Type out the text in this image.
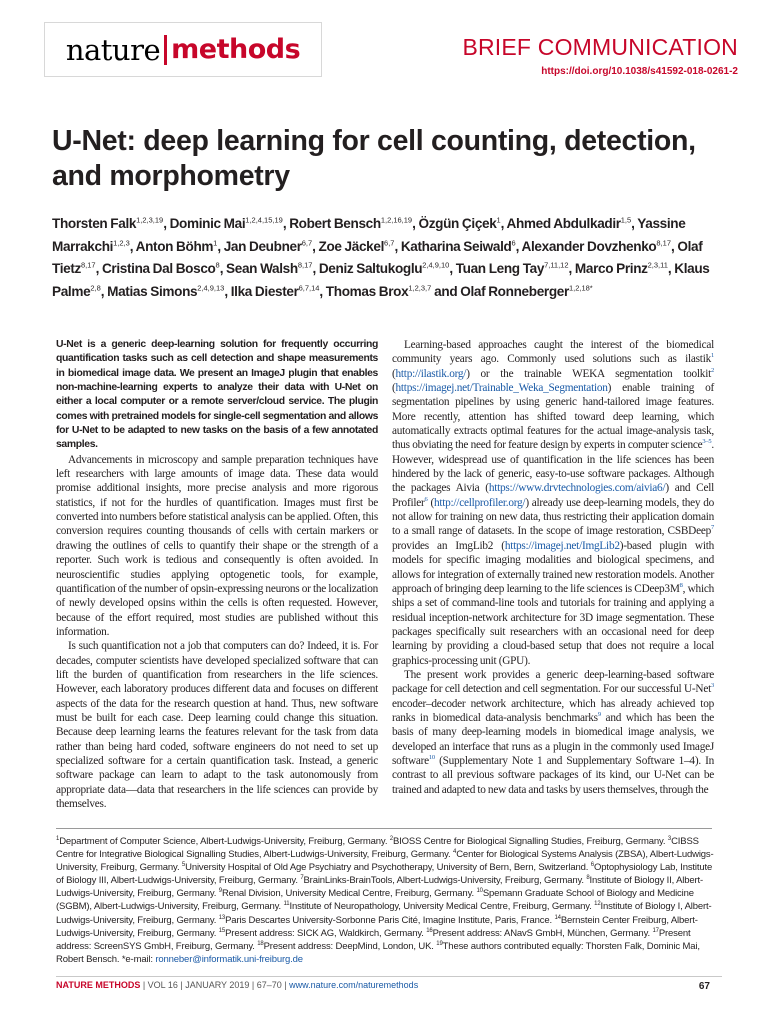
nature methods	BRIEF COMMUNICATION
https://doi.org/10.1038/s41592-018-0261-2
U-Net: deep learning for cell counting, detection, and morphometry
Thorsten Falk$^{1,2,3,19}$, Dominic Mai$^{1,2,4,15,19}$, Robert Bensch$^{1,2,16,19}$, Özgün Çiçek$^1$, Ahmed Abdulkadir$^{1,5}$, Yassine Marrakchi$^{1,2,3}$, Anton Böhm$^1$, Jan Deubner$^{6,7}$, Zoe Jäckel$^{6,7}$, Katharina Seiwald$^6$, Alexander Dovzhenko$^{8,17}$, Olaf Tietz$^{8,17}$, Cristina Dal Bosco$^8$, Sean Walsh$^{8,17}$, Deniz Saltukoglu$^{2,4,9,10}$, Tuan Leng Tay$^{7,11,12}$, Marco Prinz$^{2,3,11}$, Klaus Palme$^{2,8}$, Matias Simons$^{2,4,9,13}$, Ilka Diester$^{6,7,14}$, Thomas Brox$^{1,2,3,7}$ and Olaf Ronneberger$^{1,2,18*}$

U-Net is a generic deep-learning solution for frequently occurring quantification tasks such as cell detection and shape measurements in biomedical image data. We present an ImageJ plugin that enables non-machine-learning experts to analyze their data with U-Net on either a local computer or a remote server/cloud service. The plugin comes with pretrained models for single-cell segmentation and allows for U-Net to be adapted to new tasks on the basis of a few annotated samples.

Advancements in microscopy and sample preparation techniques have left researchers with large amounts of image data. These data would promise additional insights, more precise analysis and more rigorous statistics, if not for the hurdles of quantification. Images must first be converted into numbers before statistical analysis can be applied. Often, this conversion requires counting thousands of cells with certain markers or drawing the outlines of cells to quantify their shape or the strength of a reporter. Such work is tedious and consequently is often avoided. In neuroscientific studies applying optogenetic tools, for example, quantification of the number of opsin-expressing neurons or the localization of newly developed opsins within the cells is often requested. However, because of the effort required, most studies are published without this information.

Is such quantification not a job that computers can do? Indeed, it is. For decades, computer scientists have developed specialized software that can lift the burden of quantification from researchers in the life sciences. However, each laboratory produces different data and focuses on different aspects of the data for the research question at hand. Thus, new software must be built for each case. Deep learning could change this situation. Because deep learning learns the features relevant for the task from data rather than being hard coded, software engineers do not need to set up specialized software for a certain quantification task. Instead, a generic software package can learn to adapt to the task autonomously from appropriate data—data that researchers in the life sciences can provide by themselves.

Learning-based approaches caught the interest of the biomedical community years ago. Commonly used solutions such as ilastik$^1$ (http://ilastik.org/) or the trainable WEKA segmentation toolkit$^2$ (https://imagej.net/Trainable_Weka_Segmentation) enable training of segmentation pipelines by using generic hand-tailored image features. More recently, attention has shifted toward deep learning, which automatically extracts optimal features for the actual image-analysis task, thus obviating the need for feature design by experts in computer science$^{3-5}$. However, widespread use of quantification in the life sciences has been hindered by the lack of generic, easy-to-use software packages. Although the packages Aivia (https://www.drvtechnologies.com/aivia6/) and Cell Profiler$^6$ (http://cellprofiler.org/) already use deep-learning models, they do not allow for training on new data, thus restricting their application domain to a small range of datasets. In the scope of image restoration, CSBDeep$^7$ provides an ImgLib2 (https://imagej.net/ImgLib2)-based plugin with models for specific imaging modalities and biological specimens, and allows for integration of externally trained new restoration models. Another approach of bringing deep learning to the life sciences is $CDeep3M^8$, which ships a set of command-line tools and tutorials for training and applying a residual inception-network architecture for 3D image segmentation. These packages specifically suit researchers with an occasional need for deep learning by providing a cloud-based setup that does not require a local graphics-processing unit (GPU).

The present work provides a generic deep-learning-based software package for cell detection and cell segmentation. For our successful U-Net$^3$ encoder–decoder network architecture, which has already achieved top ranks in biomedical data-analysis benchmarks$^9$ and which has been the basis of many deep-learning models in biomedical image analysis, we developed an interface that runs as a plugin in the commonly used ImageJ software$^{10}$ (Supplementary Note 1 and Supplementary Software 1–4). In contrast to all previous software packages of its kind, our U-Net can be trained and adapted to new data and tasks by users themselves, through the

$^1$Department of Computer Science, Albert-Ludwigs-University, Freiburg, Germany. $^2$BIOSS Centre for Biological Signalling Studies, Freiburg, Germany. $^3$CIBSS Centre for Integrative Biological Signalling Studies, Albert-Ludwigs-University, Freiburg, Germany. $^4$Center for Biological Systems Analysis (ZBSA), Albert-Ludwigs-University, Freiburg, Germany. $^5$University Hospital of Old Age Psychiatry and Psychotherapy, University of Bern, Bern, Switzerland. $^6$Optophysiology Lab, Institute of Biology III, Albert-Ludwigs-University, Freiburg, Germany. $^7$BrainLinks-BrainTools, Albert-Ludwigs-University, Freiburg, Germany. $^8$Institute of Biology II, Albert-Ludwigs-University, Freiburg, Germany. $^9$Renal Division, University Medical Centre, Freiburg, Germany. $^{10}$Spemann Graduate School of Biology and Medicine (SGBM), Albert-Ludwigs-University, Freiburg, Germany. $^{11}$Institute of Neuropathology, University Medical Centre, Freiburg, Germany. $^{12}$Institute of Biology I, Albert-Ludwigs-University, Freiburg, Germany. $^{13}$Paris Descartes University-Sorbonne Paris Cité, Imagine Institute, Paris, France. $^{14}$Bernstein Center Freiburg, Albert-Ludwigs-University, Freiburg, Germany. $^{15}$Present address: SICK AG, Waldkirch, Germany. $^{16}$Present address: ANavS GmbH, München, Germany. $^{17}$Present address: ScreenSYS GmbH, Freiburg, Germany. $^{18}$Present address: DeepMind, London, UK. $^{19}$These authors contributed equally: Thorsten Falk, Dominic Mai, Robert Bensch. *e-mail: ronneber@informatik.uni-freiburg.de
NATURE METHODS | VOL 16 | JANUARY 2019 | 67–70 | www.nature.com/naturemethods	67
